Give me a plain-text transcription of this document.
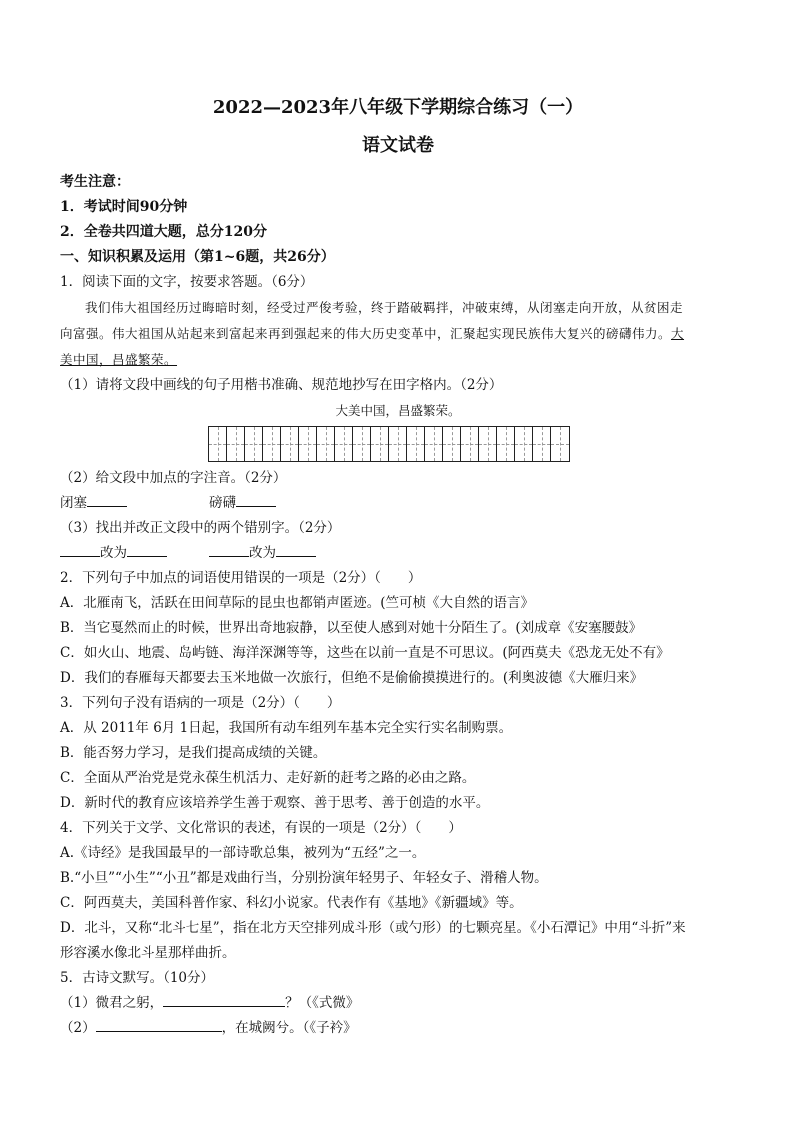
2022—2023年八年级下学期综合练习（一）
语文试卷
考生注意：
1．考试时间90分钟
2．全卷共四道大题，总分120分
一、知识积累及运用（第1~6题，共26分）
1．阅读下面的文字，按要求答题。（6分）
我们伟大祖国经历过晦暗时刻，经受过严俊考验，终于踏破羁拌，冲破束缚，从闭塞走向开放，从贫困走
向富强。伟大祖国从站起来到富起来再到强起来的伟大历史变革中，汇聚起实现民族伟大复兴的磅礴伟力。大
美中国，昌盛繁荣。
（1）请将文段中画线的句子用楷书准确、规范地抄写在田字格内。（2分）
大美中国，昌盛繁荣。
（2）给文段中加点的字注音。（2分）
闭塞	磅礴
（3）找出并改正文段中的两个错别字。（2分）
改为	改为
2．下列句子中加点的词语使用错误的一项是（2分）（　　）
A．北雁南飞，活跃在田间草际的昆虫也都销声匿迹。(竺可桢《大自然的语言》
B．当它戛然而止的时候，世界出奇地寂静，以至使人感到对她十分陌生了。(刘成章《安塞腰鼓》
C．如火山、地震、岛屿链、海洋深渊等等，这些在以前一直是不可思议。(阿西莫夫《恐龙无处不有》
D．我们的春雁每天都要去玉米地做一次旅行，但绝不是偷偷摸摸进行的。(利奥波德《大雁归来》
3．下列句子没有语病的一项是（2分）（　　）
A．从 2011年 6月 1日起，我国所有动车组列车基本完全实行实名制购票。
B．能否努力学习，是我们提高成绩的关键。
C．全面从严治党是党永葆生机活力、走好新的赶考之路的必由之路。
D．新时代的教育应该培养学生善于观察、善于思考、善于创造的水平。
4．下列关于文学、文化常识的表述，有误的一项是（2分）（　　）
A.《诗经》是我国最早的一部诗歌总集，被列为“五经”之一。
B.“小旦”“小生”“小丑”都是戏曲行当，分别扮演年轻男子、年轻女子、滑稽人物。
C．阿西莫夫，美国科普作家、科幻小说家。代表作有《基地》《新疆域》等。
D．北斗，又称“北斗七星”，指在北方天空排列成斗形（或勺形）的七颗亮星。《小石潭记》中用“斗折”来
形容溪水像北斗星那样曲折。
5．古诗文默写。（10分）
（1）微君之躬，	？（《式微》
（2）	，在城阙兮。（《子衿》
